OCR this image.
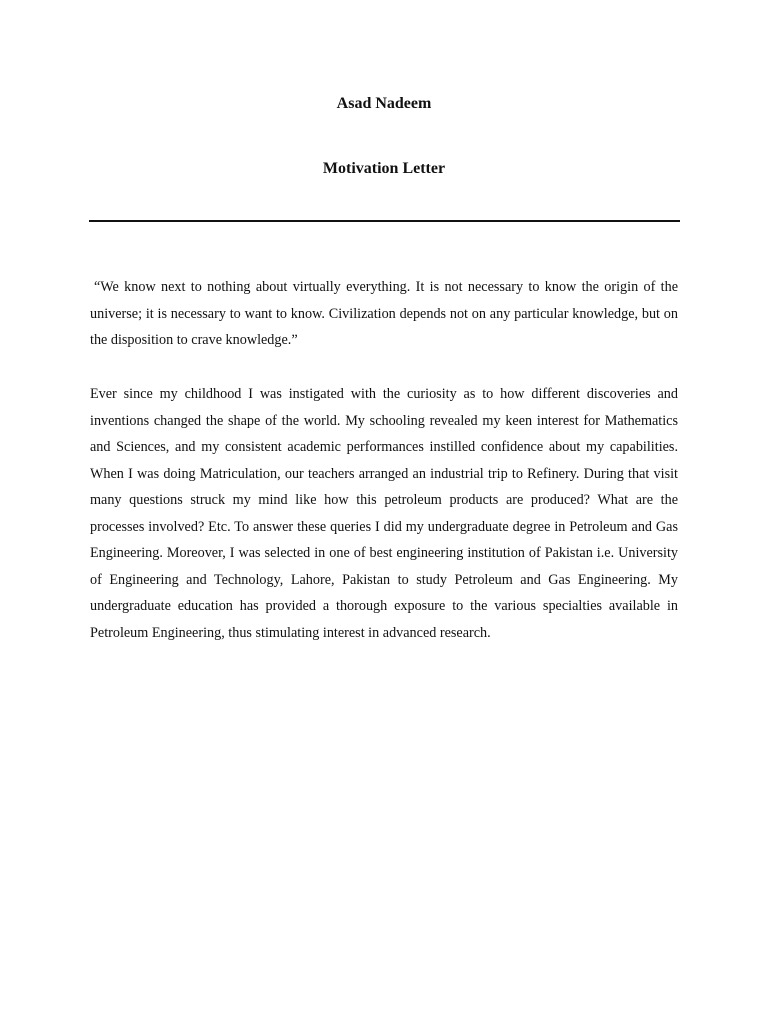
Asad Nadeem
Motivation Letter

“We know next to nothing about virtually everything. It is not necessary to know the origin of the universe; it is necessary to want to know. Civilization depends not on any particular knowledge, but on the disposition to crave knowledge.”

Ever since my childhood I was instigated with the curiosity as to how different discoveries and inventions changed the shape of the world. My schooling revealed my keen interest for Mathematics and Sciences, and my consistent academic performances instilled confidence about my capabilities. When I was doing Matriculation, our teachers arranged an industrial trip to Refinery. During that visit many questions struck my mind like how this petroleum products are produced? What are the processes involved? Etc. To answer these queries I did my undergraduate degree in Petroleum and Gas Engineering. Moreover, I was selected in one of best engineering institution of Pakistan i.e. University of Engineering and Technology, Lahore, Pakistan to study Petroleum and Gas Engineering. My undergraduate education has provided a thorough exposure to the various specialties available in Petroleum Engineering, thus stimulating interest in advanced research.
